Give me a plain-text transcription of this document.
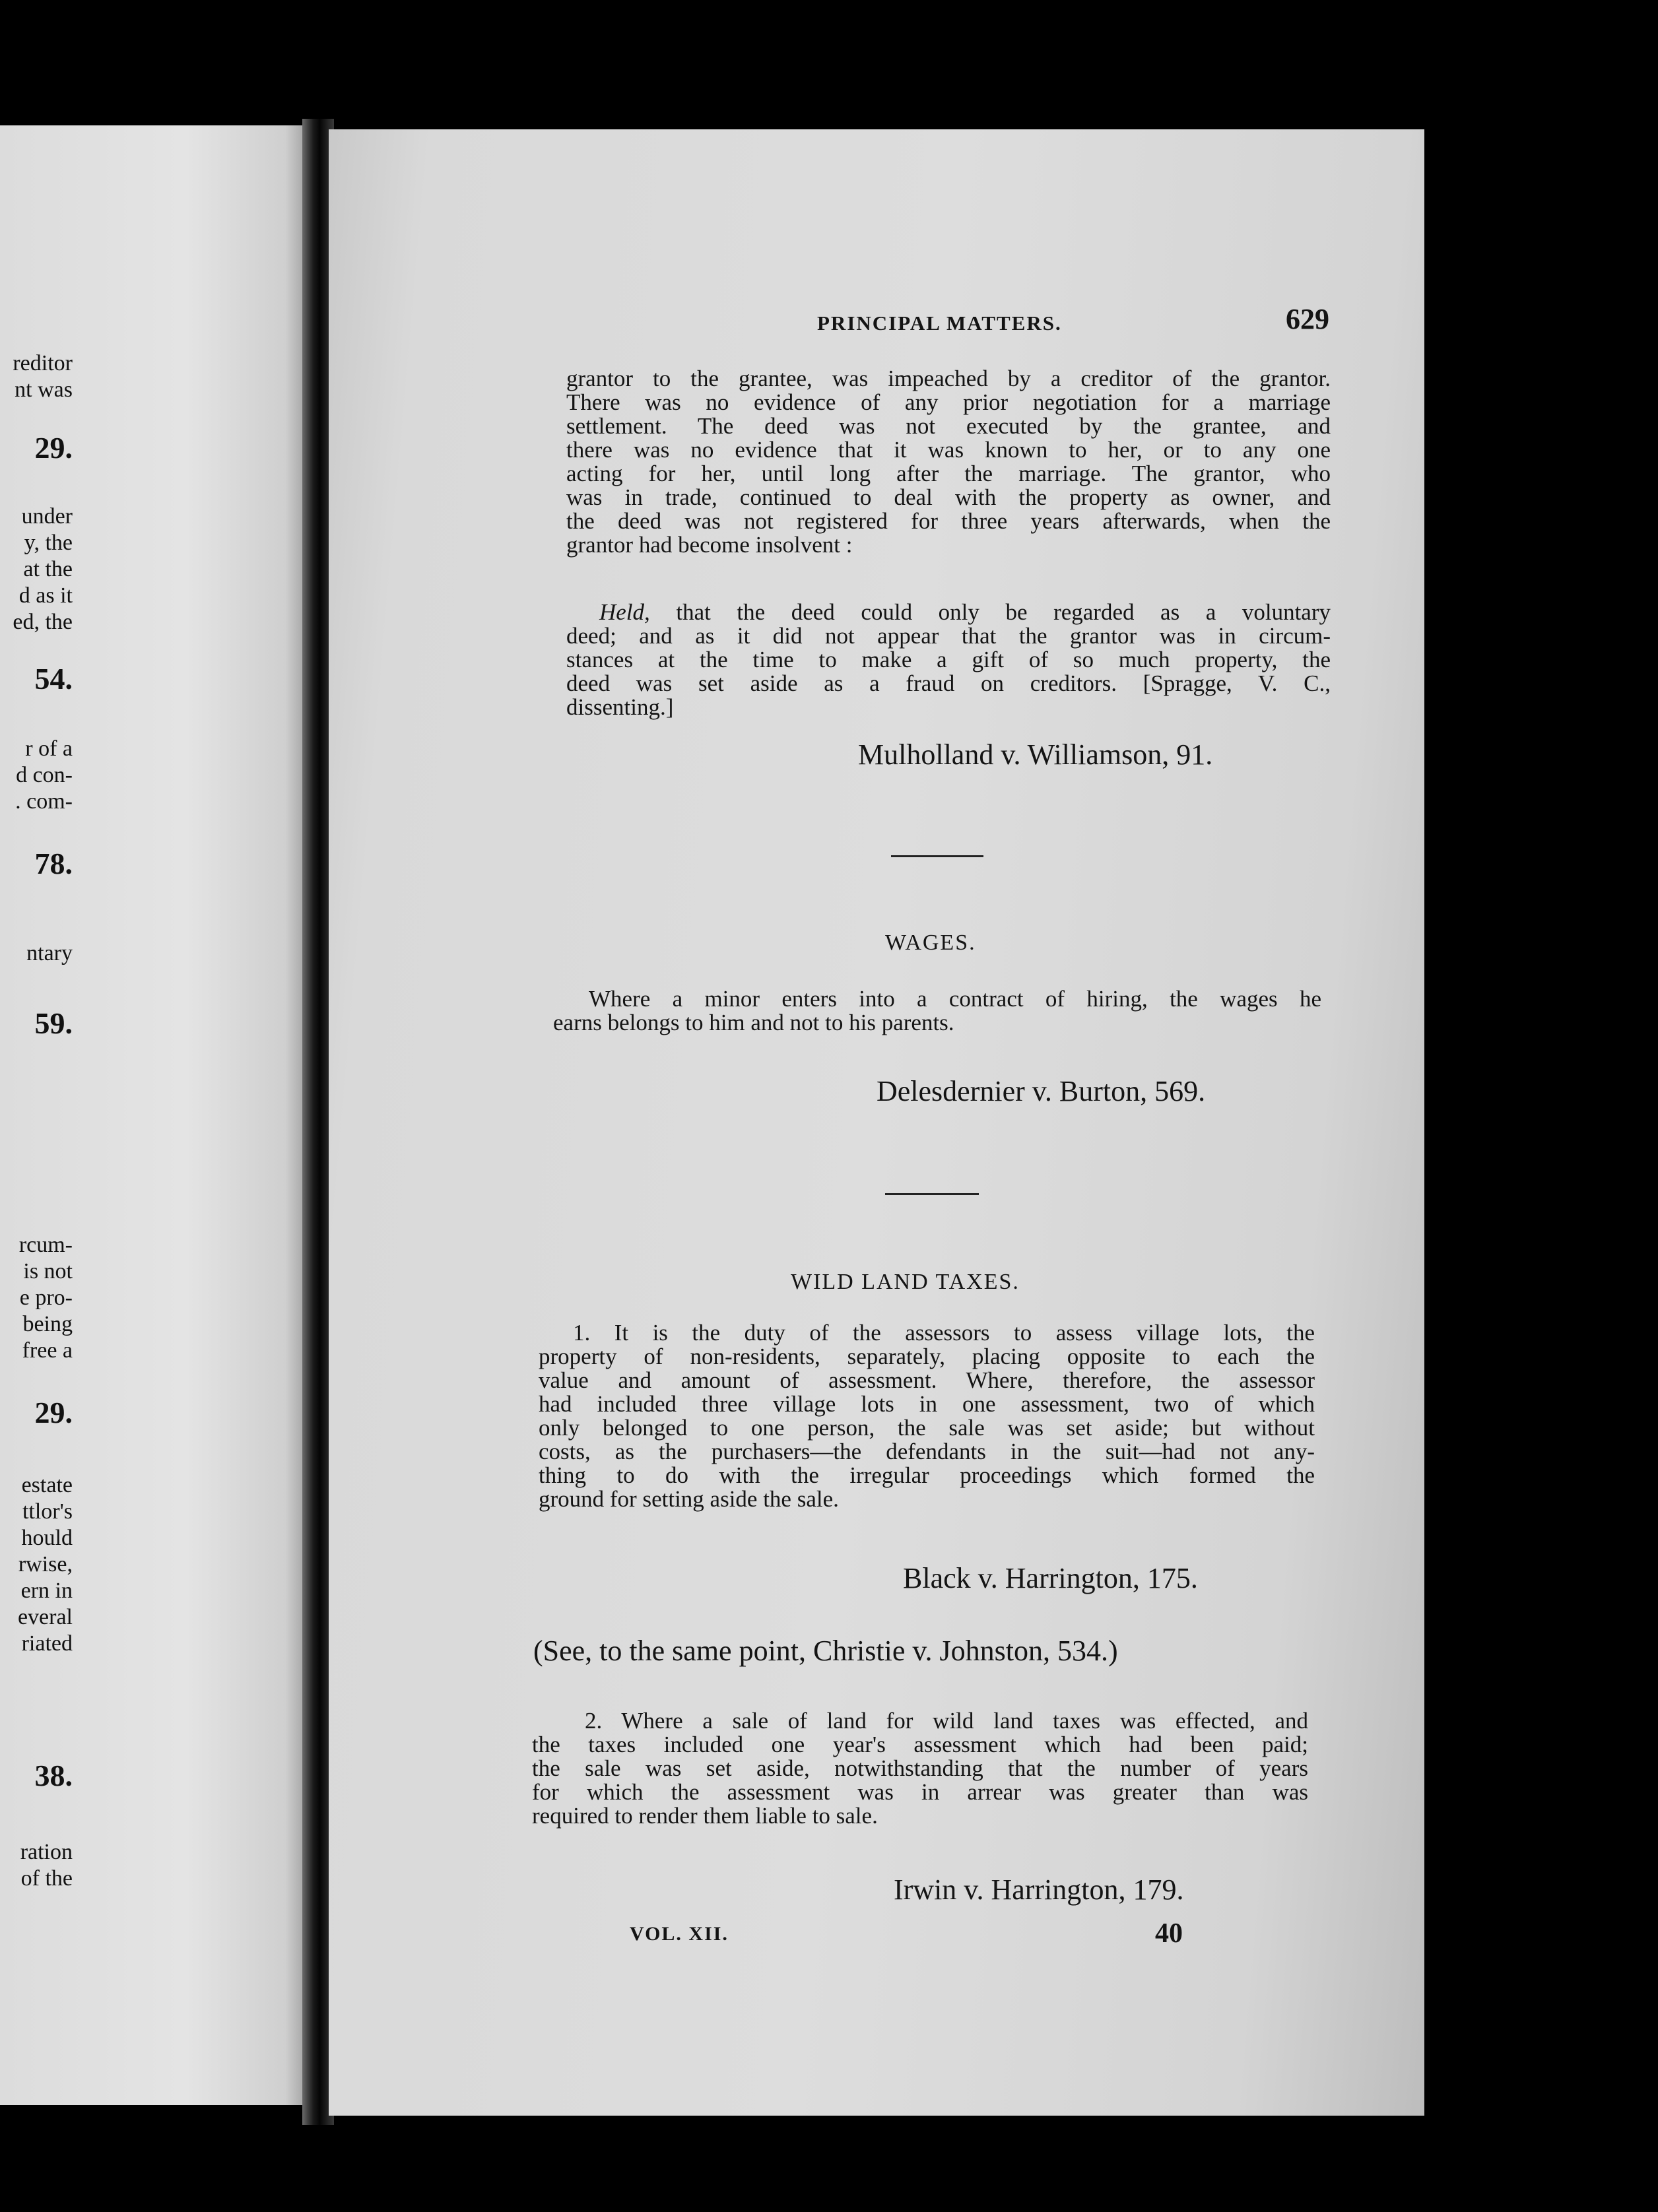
reditor
nt was
29.
under
y, the
at the
d as it
ed, the
54.
r of a
d con-
. com-
78.
ntary
59.
rcum-
is not
e pro-
being
free a
29.
estate
ttlor's
hould
rwise,
ern in
everal
riated
38.
ration
of the
PRINCIPAL MATTERS.	629
grantor to the grantee, was impeached by a creditor of the grantor.
There was no evidence of any prior negotiation for a marriage
settlement. The deed was not executed by the grantee, and
there was no evidence that it was known to her, or to any one
acting for her, until long after the marriage. The grantor, who
was in trade, continued to deal with the property as owner, and
the deed was not registered for three years afterwards, when the
grantor had become insolvent :
Held, that the deed could only be regarded as a voluntary
deed; and as it did not appear that the grantor was in circum-
stances at the time to make a gift of so much property, the
deed was set aside as a fraud on creditors. [Spragge, V. C.,
dissenting.]
Mulholland v. Williamson, 91.
WAGES.
Where a minor enters into a contract of hiring, the wages he
earns belongs to him and not to his parents.
Delesdernier v. Burton, 569.
WILD LAND TAXES.
1. It is the duty of the assessors to assess village lots, the
property of non-residents, separately, placing opposite to each the
value and amount of assessment. Where, therefore, the assessor
had included three village lots in one assessment, two of which
only belonged to one person, the sale was set aside; but without
costs, as the purchasers—the defendants in the suit—had not any-
thing to do with the irregular proceedings which formed the
ground for setting aside the sale.
Black v. Harrington, 175.
(See, to the same point, Christie v. Johnston, 534.)
2. Where a sale of land for wild land taxes was effected, and
the taxes included one year's assessment which had been paid;
the sale was set aside, notwithstanding that the number of years
for which the assessment was in arrear was greater than was
required to render them liable to sale.
Irwin v. Harrington, 179.
VOL. XII.	40
